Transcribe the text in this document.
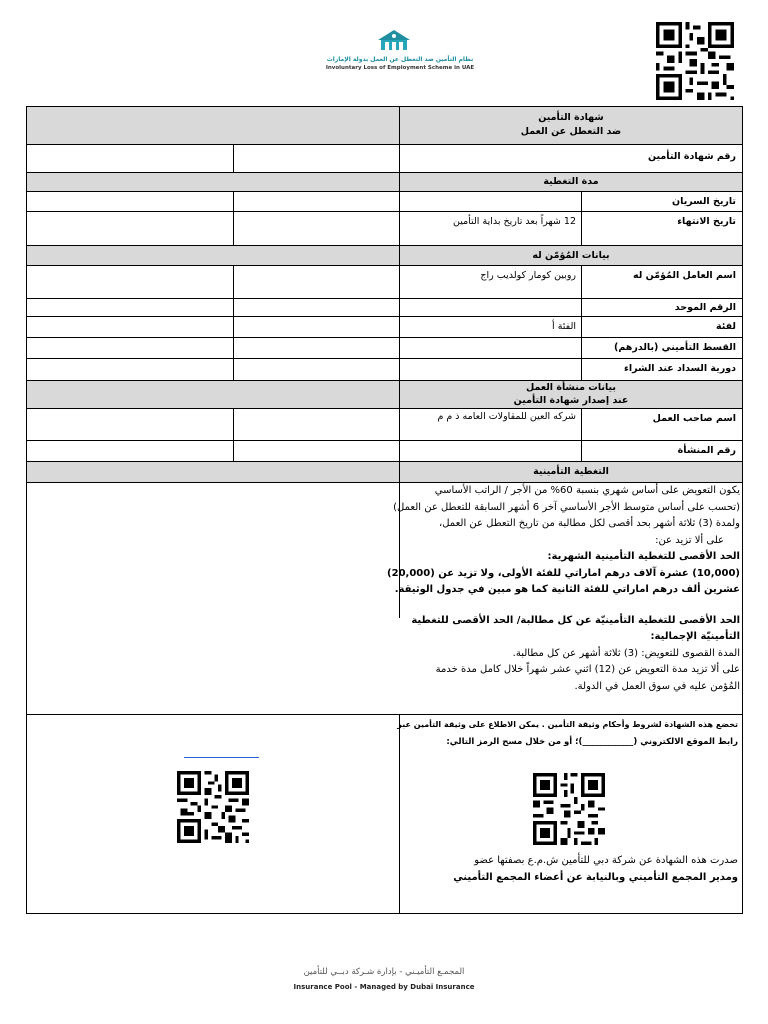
نظام التأمين ضد التعطل عن العمل بدولة الإمارات
Involuntary Loss of Employment Scheme in UAE
شهادة التأمين
ضد التعطل عن العمل
رقم شهادة التأمين
مدة التغطية
تاريخ السريان
تاريخ الانتهاء
12 شهراً بعد تاريخ بداية التأمين
بيانات المُؤمّن له
اسم العامل المُؤمّن له
روبين كومار كولديب راج
الرقم الموحد
لفئة
الفئة أ
القسط التأميني (بالدرهم)
دورية السداد عند الشراء
بيانات منشأة العمل
عند إصدار شهادة التأمين
اسم صاحب العمل
شركه العين للمقاولات العامه ذ م م
رقم المنشأة
التغطية التأمينية

يكون التعويض على أساس شهري بنسبة 60% من الأجر / الراتب الأساسي

(تحسب على أساس متوسط الأجر الأساسي آخر 6 أشهر السابقة للتعطل عن العمل)

ولمدة (3) ثلاثة أشهر بحد أقصى لكل مطالبة من تاريخ التعطل عن العمل،

على ألا تزيد عن:

الحد الأقصى للتغطية التأمينية الشهرية:

(10,000) عشرة آلاف درهم اماراتي للفئة الأولى، ولا تزيد عن (20,000)

عشرين ألف درهم اماراتي للفئة الثانية كما هو مبين في جدول الوثيقة.

الحد الأقصى للتغطية التأمينيّة عن كل مطالبة/ الحد الأقصى للتغطية

التأمينيّة الإجمالية:

المدة القصوى للتعويض: (3) ثلاثة أشهر عن كل مطالبة.

على ألا تزيد مدة التعويض عن (12) اثني عشر شهراً خلال كامل مدة خدمة

المُؤمن عليه في سوق العمل في الدولة.

تخضع هذه الشهادة لشروط وأحكام وثيقة التأمين . يمكن الاطلاع على وثيقة التأمين عبر

رابط الموقع الالكتروني (____________)؛ أو من خلال مسح الرمز التالي:

صدرت هذه الشهادة عن شركة دبي للتأمين ش.م.ع بصفتها عضو

ومدير المجمع التأميني وبالنيابة عن أعضاء المجمع التأميني

المجمـع التأميـني - بإدارة شـركة دبــي للتأمين
Insurance Pool - Managed by Dubai Insurance
